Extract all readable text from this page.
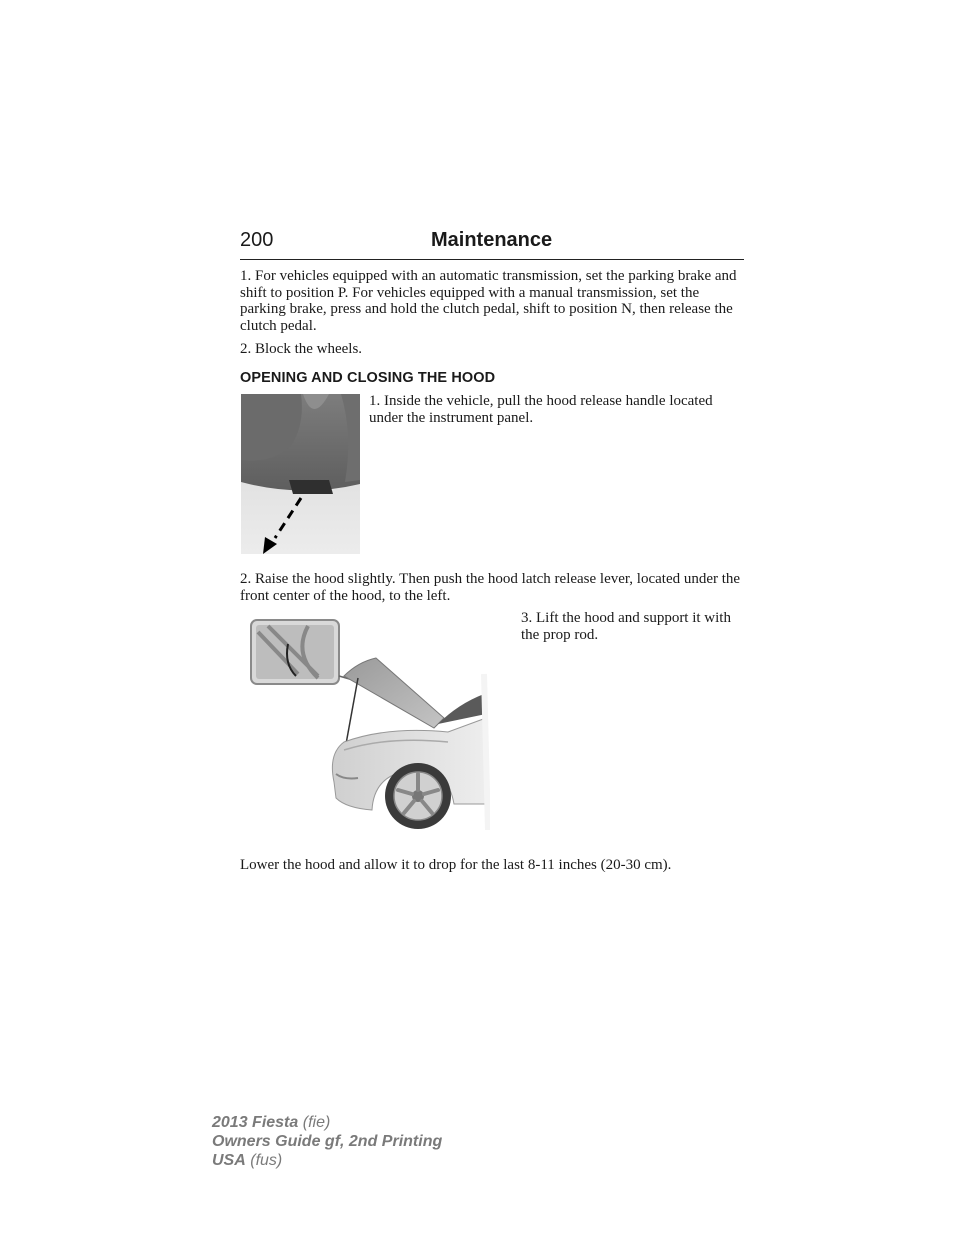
200	Maintenance

1. For vehicles equipped with an automatic transmission, set the parking brake and shift to position P. For vehicles equipped with a manual transmission, set the parking brake, press and hold the clutch pedal, shift to position N, then release the clutch pedal.

2. Block the wheels.

OPENING AND CLOSING THE HOOD

1. Inside the vehicle, pull the hood release handle located under the instrument panel.

2. Raise the hood slightly. Then push the hood latch release lever, located under the front center of the hood, to the left.

3. Lift the hood and support it with the prop rod.

Lower the hood and allow it to drop for the last 8-11 inches (20-30 cm).

2013 Fiesta (fie)
Owners Guide gf, 2nd Printing
USA (fus)
